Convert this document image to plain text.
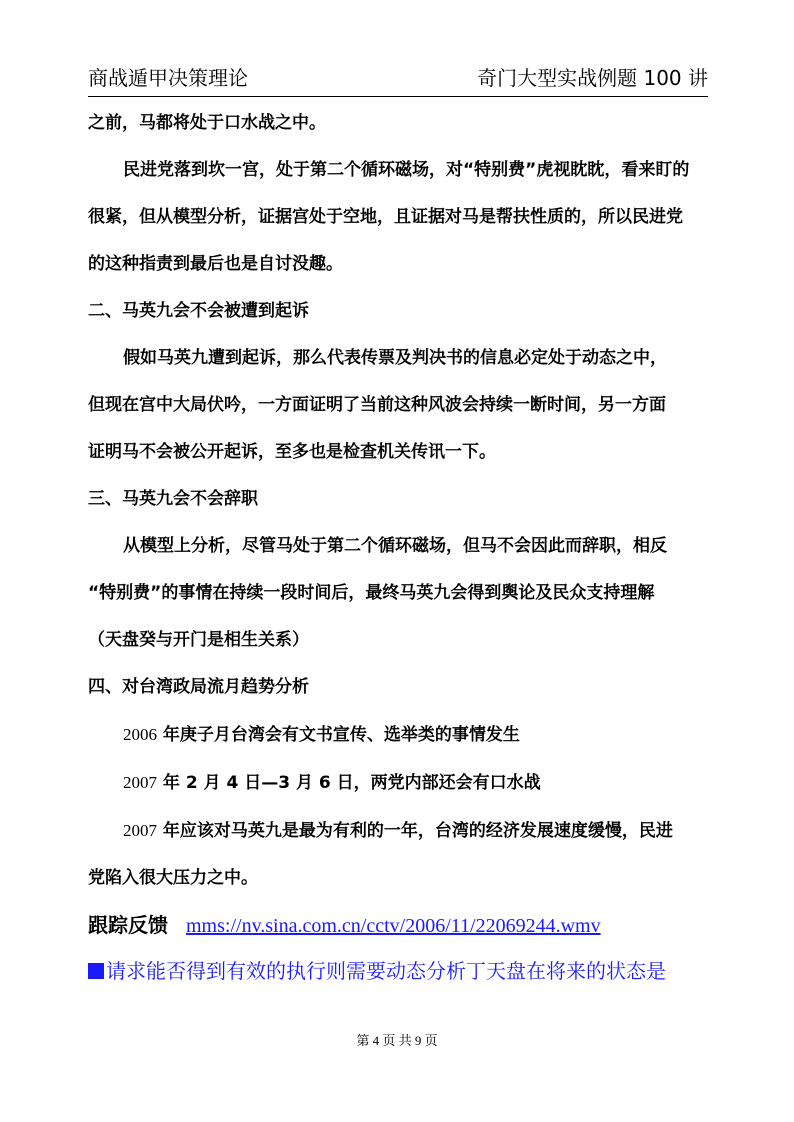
商战遁甲决策理论	奇门大型实战例题 100 讲

之前，马都将处于口水战之中。

民进党落到坎一宫，处于第二个循环磁场，对“特别费”虎视眈眈，看来盯的

很紧，但从模型分析，证据宫处于空地，且证据对马是帮扶性质的，所以民进党

的这种指责到最后也是自讨没趣。

二、马英九会不会被遭到起诉

假如马英九遭到起诉，那么代表传票及判决书的信息必定处于动态之中，

但现在宫中大局伏吟，一方面证明了当前这种风波会持续一断时间，另一方面

证明马不会被公开起诉，至多也是检查机关传讯一下。

三、马英九会不会辞职

从模型上分析，尽管马处于第二个循环磁场，但马不会因此而辞职，相反

“特别费”的事情在持续一段时间后，最终马英九会得到舆论及民众支持理解

（天盘癸与开门是相生关系）

四、对台湾政局流月趋势分析

2006 年庚子月台湾会有文书宣传、选举类的事情发生

2007 年 2 月 4 日—3 月 6 日，两党内部还会有口水战

2007 年应该对马英九是最为有利的一年，台湾的经济发展速度缓慢，民进

党陷入很大压力之中。

跟踪反馈 mms://nv.sina.com.cn/cctv/2006/11/22069244.wmv

请求能否得到有效的执行则需要动态分析丁天盘在将来的状态是

第 4 页 共 9 页
